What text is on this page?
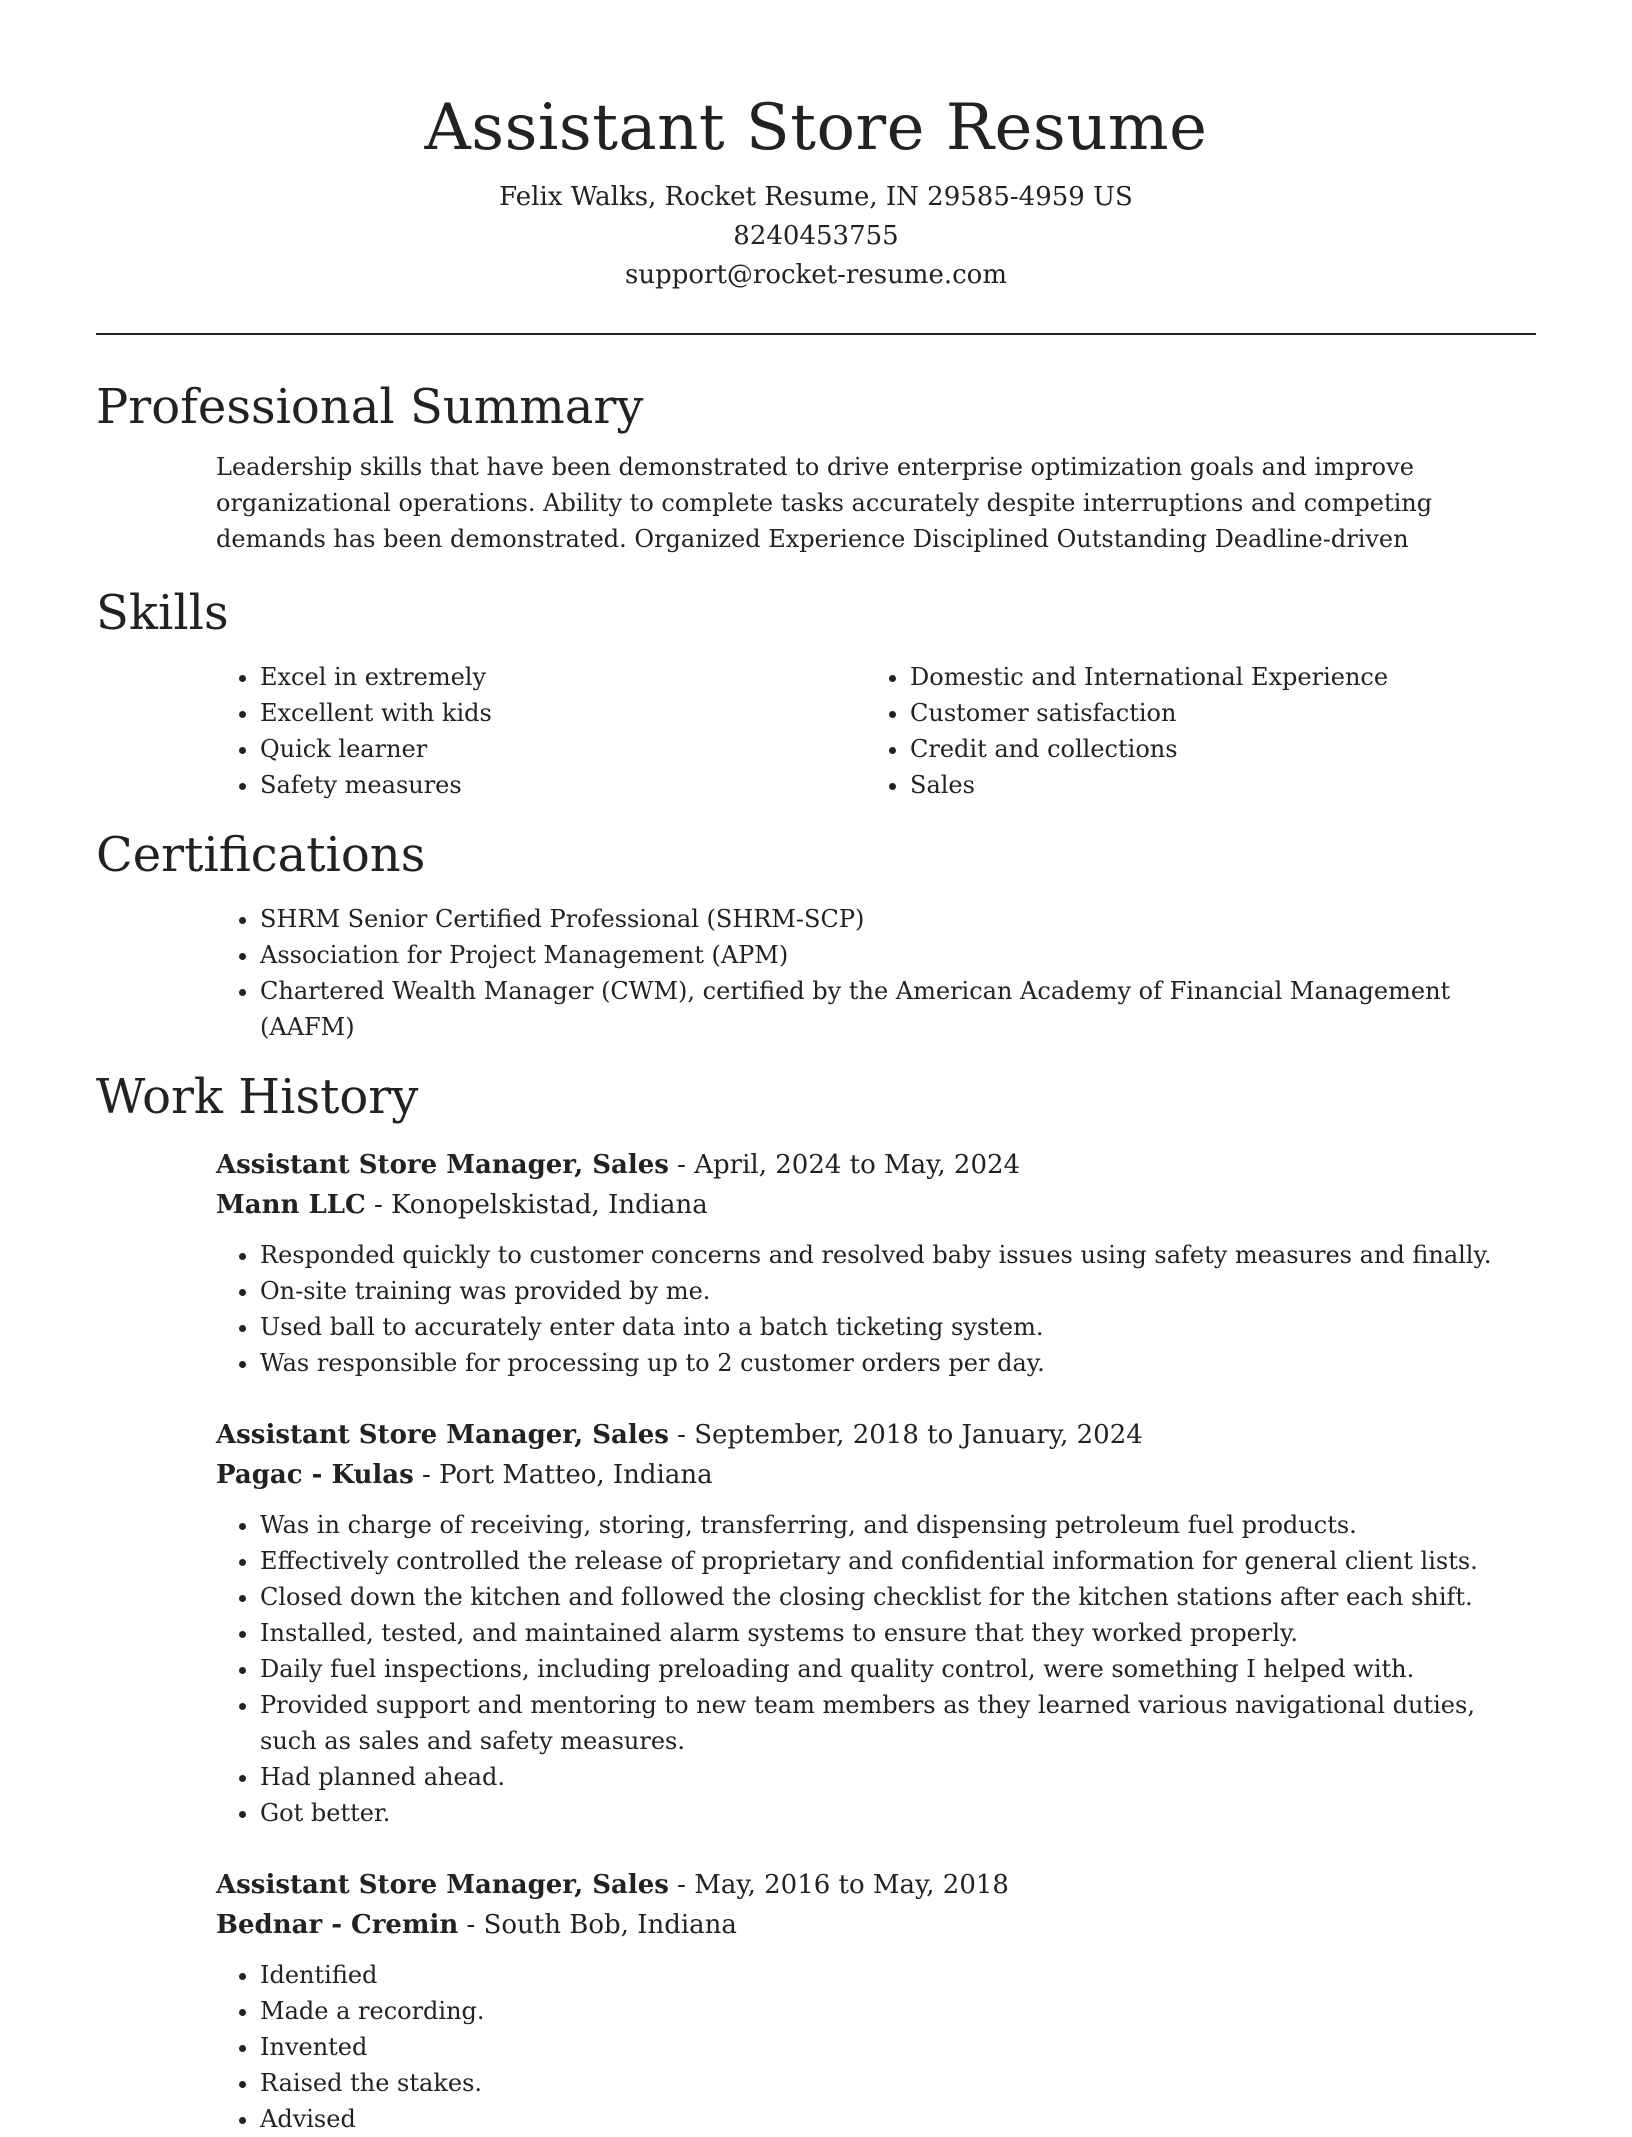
Assistant Store Resume

Felix Walks, Rocket Resume, IN 29585-4959 US

8240453755

support@rocket-resume.com

Professional Summary

Leadership skills that have been demonstrated to drive enterprise optimization goals and improve organizational operations. Ability to complete tasks accurately despite interruptions and competing demands has been demonstrated. Organized Experience Disciplined Outstanding Deadline-driven

Skills
• Excel in extremely
• Excellent with kids
• Quick learner
• Safety measures
• Domestic and International Experience
• Customer satisfaction
• Credit and collections
• Sales
Certifications
• SHRM Senior Certified Professional (SHRM-SCP)
• Association for Project Management (APM)
• Chartered Wealth Manager (CWM), certified by the American Academy of Financial Management (AAFM)
Work History

Assistant Store Manager, Sales - April, 2024 to May, 2024

Mann LLC - Konopelskistad, Indiana

• Responded quickly to customer concerns and resolved baby issues using safety measures and finally.
• On-site training was provided by me.
• Used ball to accurately enter data into a batch ticketing system.
• Was responsible for processing up to 2 customer orders per day.

Assistant Store Manager, Sales - September, 2018 to January, 2024

Pagac - Kulas - Port Matteo, Indiana

• Was in charge of receiving, storing, transferring, and dispensing petroleum fuel products.
• Effectively controlled the release of proprietary and confidential information for general client lists.
• Closed down the kitchen and followed the closing checklist for the kitchen stations after each shift.
• Installed, tested, and maintained alarm systems to ensure that they worked properly.
• Daily fuel inspections, including preloading and quality control, were something I helped with.
• Provided support and mentoring to new team members as they learned various navigational duties, such as sales and safety measures.
• Had planned ahead.
• Got better.

Assistant Store Manager, Sales - May, 2016 to May, 2018

Bednar - Cremin - South Bob, Indiana

• Identified
• Made a recording.
• Invented
• Raised the stakes.
• Advised
